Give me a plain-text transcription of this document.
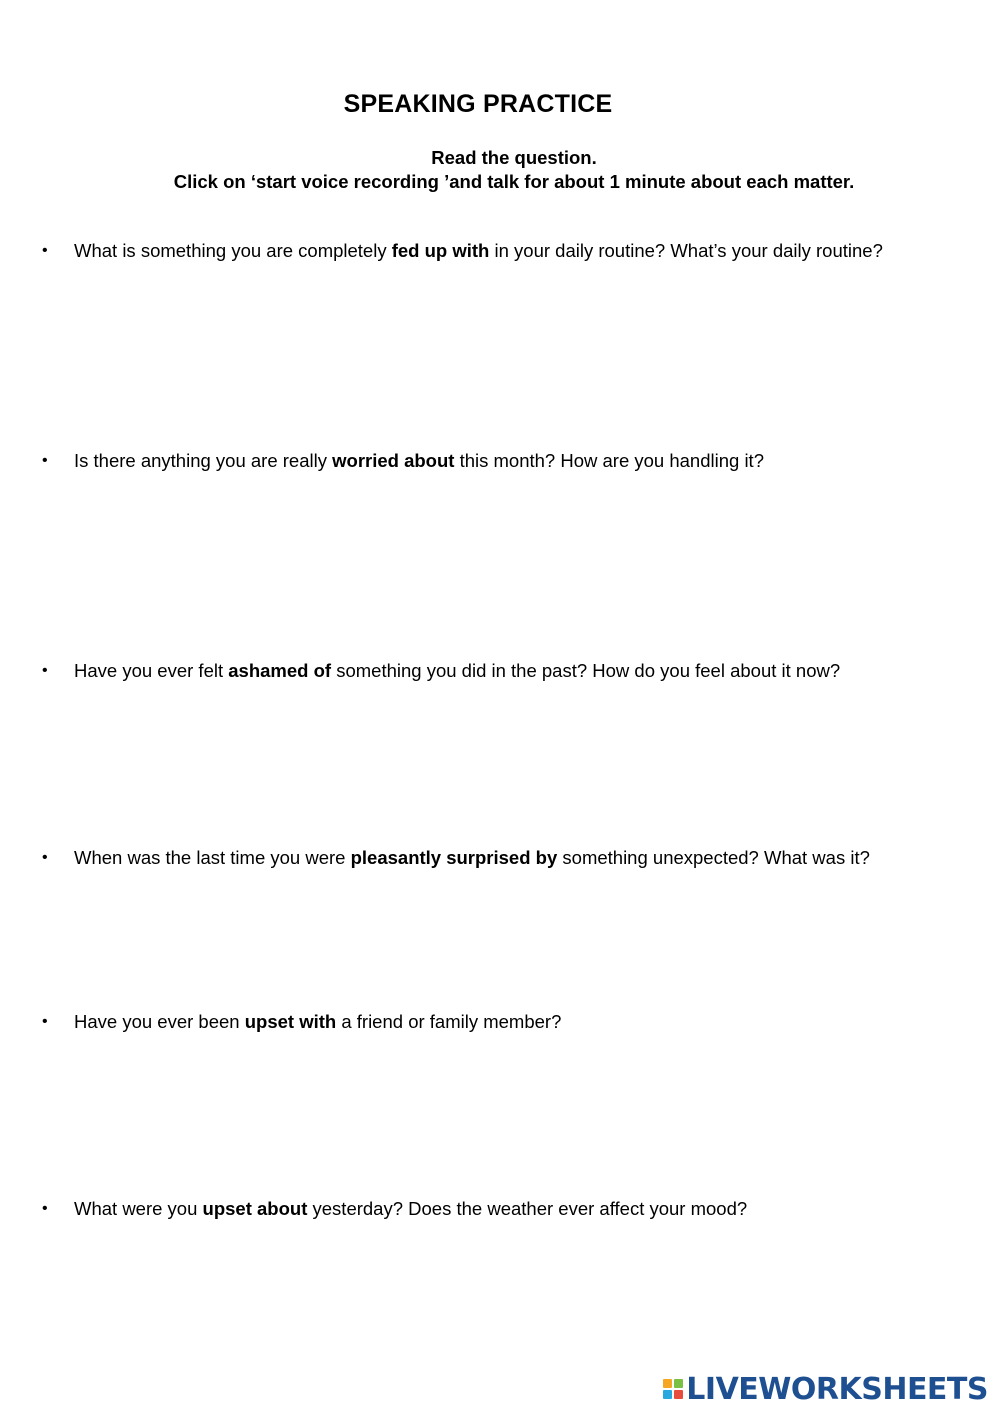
SPEAKING PRACTICE
Read the question.
Click on ‘start voice recording ’and talk for about 1 minute about each matter.
•	What is something you are completely fed up with in your daily routine? What’s your daily routine?
•	Is there anything you are really worried about this month? How are you handling it?
•	Have you ever felt ashamed of something you did in the past? How do you feel about it now?
•	When was the last time you were pleasantly surprised by something unexpected? What was it?
•	Have you ever been upset with a friend or family member?
•	What were you upset about yesterday? Does the weather ever affect your mood?
LIVEWORKSHEETS
